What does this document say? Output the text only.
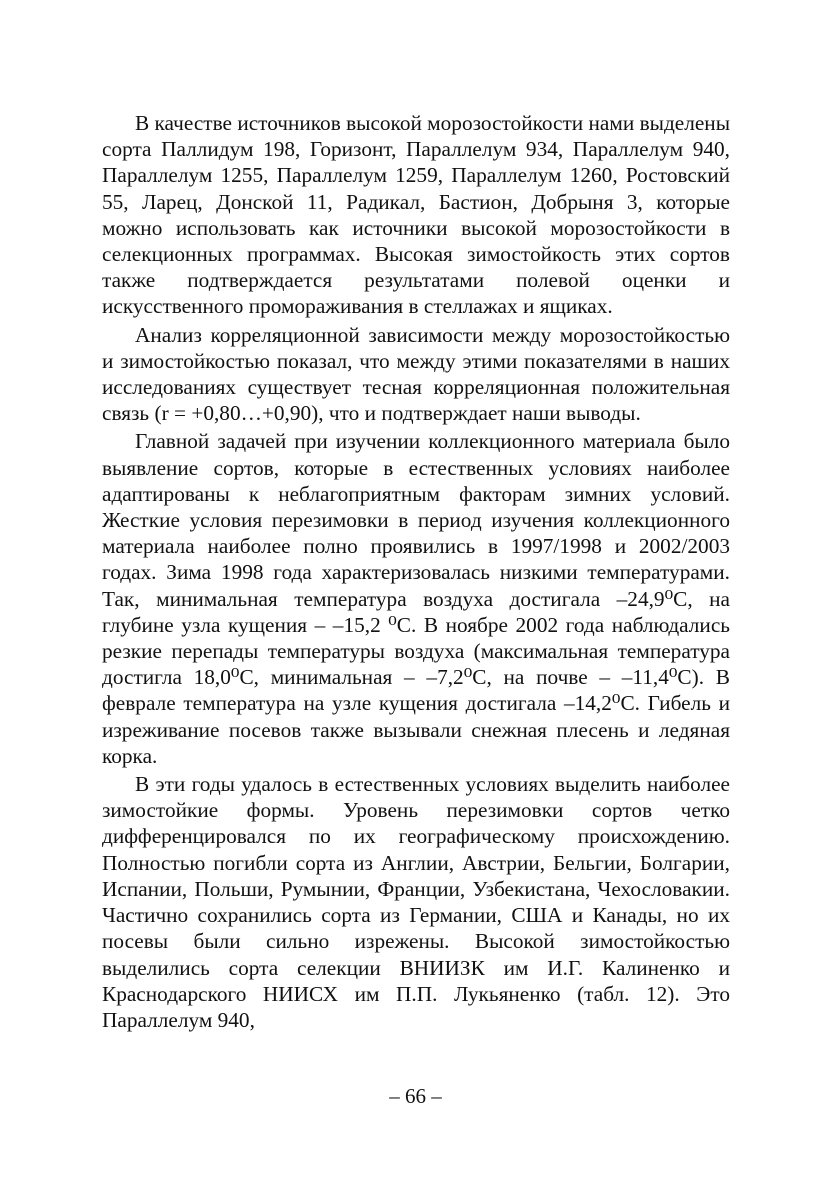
В качестве источников высокой морозостойкости нами выделены сорта Паллидум 198, Горизонт, Параллелум 934, Параллелум 940, Параллелум 1255, Параллелум 1259, Параллелум 1260, Ростовский 55, Ларец, Донской 11, Радикал, Бастион, Добрыня 3, которые можно использовать как источники высокой морозостойкости в селекционных программах. Высокая зимостойкость этих сортов также подтверждается результатами полевой оценки и искусственного промораживания в стеллажах и ящиках.

Анализ корреляционной зависимости между морозостойкостью и зимостойкостью показал, что между этими показателями в наших исследованиях существует тесная корреляционная положительная связь (r = +0,80…+0,90), что и подтверждает наши выводы.

Главной задачей при изучении коллекционного материала было выявление сортов, которые в естественных условиях наиболее адаптированы к неблагоприятным факторам зимних условий. Жесткие условия перезимовки в период изучения коллекционного материала наиболее полно проявились в 1997/1998 и 2002/2003 годах. Зима 1998 года характеризовалась низкими температурами. Так, минимальная температура воздуха достигала –24,9⁰С, на глубине узла кущения – –15,2 ⁰С. В ноябре 2002 года наблюдались резкие перепады температуры воздуха (максимальная температура достигла 18,0⁰С, минимальная – –7,2⁰С, на почве – –11,4⁰С). В феврале температура на узле кущения достигала –14,2⁰С. Гибель и изреживание посевов также вызывали снежная плесень и ледяная корка.

В эти годы удалось в естественных условиях выделить наиболее зимостойкие формы. Уровень перезимовки сортов четко дифференцировался по их географическому происхождению. Полностью погибли сорта из Англии, Австрии, Бельгии, Болгарии, Испании, Польши, Румынии, Франции, Узбекистана, Чехословакии. Частично сохранились сорта из Германии, США и Канады, но их посевы были сильно изрежены. Высокой зимостойкостью выделились сорта селекции ВНИИЗК им И.Г. Калиненко и Краснодарского НИИСХ им П.П. Лукьяненко (табл. 12). Это Параллелум 940,

– 66 –
